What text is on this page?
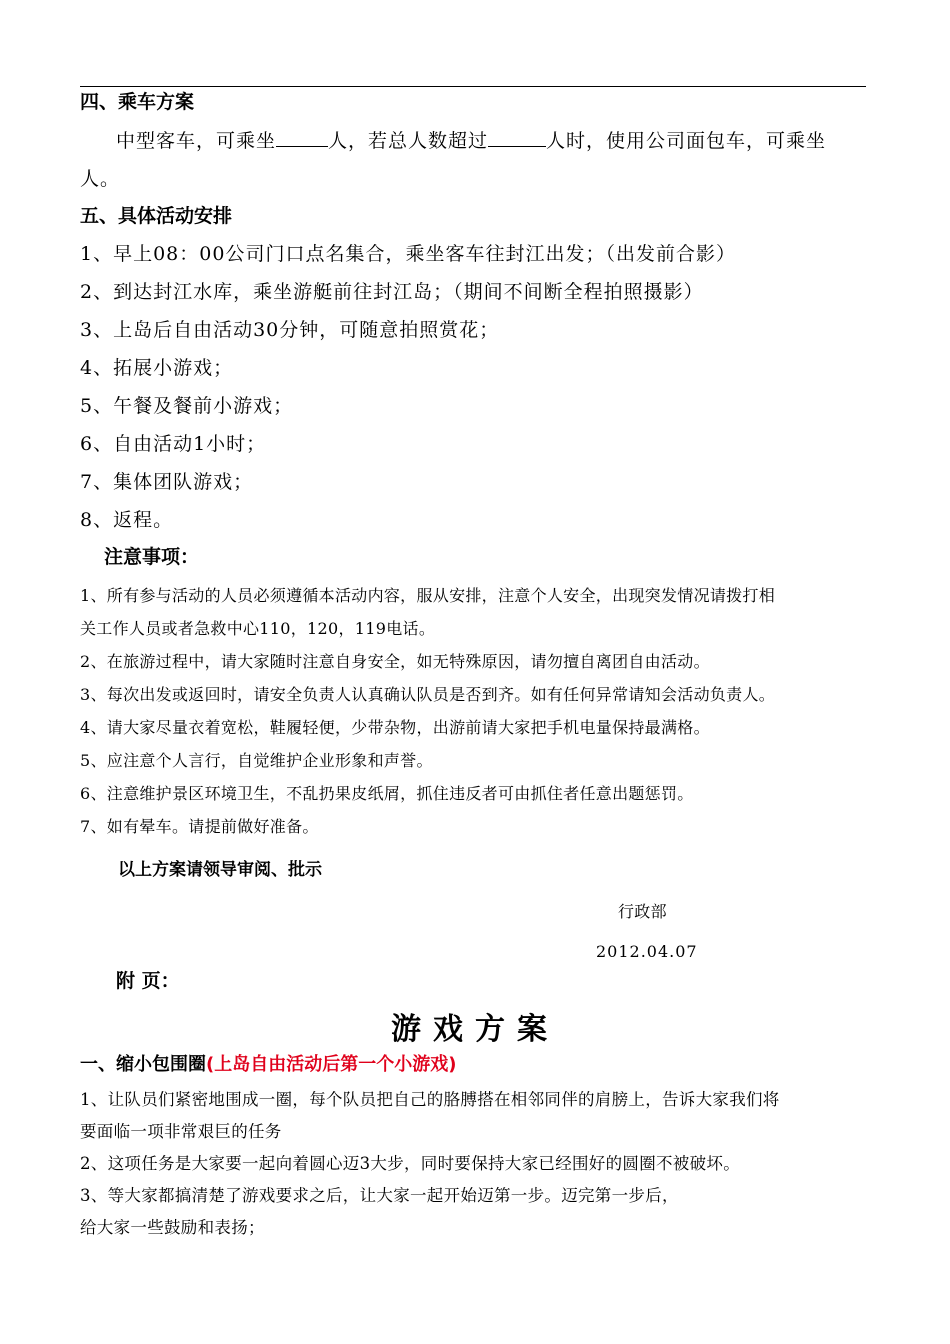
四、乘车方案
中型客车，可乘坐	人，若总人数超过	人时，使用公司面包车，可乘坐
人。
五、具体活动安排
1、早上08：00公司门口点名集合，乘坐客车往封江出发；（出发前合影）
2、到达封江水库，乘坐游艇前往封江岛；（期间不间断全程拍照摄影）
3、上岛后自由活动30分钟，可随意拍照赏花；
4、拓展小游戏；
5、午餐及餐前小游戏；
6、自由活动1小时；
7、集体团队游戏；
8、返程。
注意事项：
1、所有参与活动的人员必须遵循本活动内容，服从安排，注意个人安全，出现突发情况请拨打相
关工作人员或者急救中心110，120，119电话。
2、在旅游过程中，请大家随时注意自身安全，如无特殊原因，请勿擅自离团自由活动。
3、每次出发或返回时，请安全负责人认真确认队员是否到齐。如有任何异常请知会活动负责人。
4、请大家尽量衣着宽松，鞋履轻便，少带杂物，出游前请大家把手机电量保持最满格。
5、应注意个人言行，自觉维护企业形象和声誉。
6、注意维护景区环境卫生，不乱扔果皮纸屑，抓住违反者可由抓住者任意出题惩罚。
7、如有晕车。请提前做好准备。
以上方案请领导审阅、批示
行政部
2012.04.07
附 页：
游戏方案
一、缩小包围圈(上岛自由活动后第一个小游戏)
1、让队员们紧密地围成一圈，每个队员把自己的胳膊搭在相邻同伴的肩膀上，告诉大家我们将
要面临一项非常艰巨的任务
2、这项任务是大家要一起向着圆心迈3大步，同时要保持大家已经围好的圆圈不被破坏。
3、等大家都搞清楚了游戏要求之后，让大家一起开始迈第一步。迈完第一步后，
给大家一些鼓励和表扬；
